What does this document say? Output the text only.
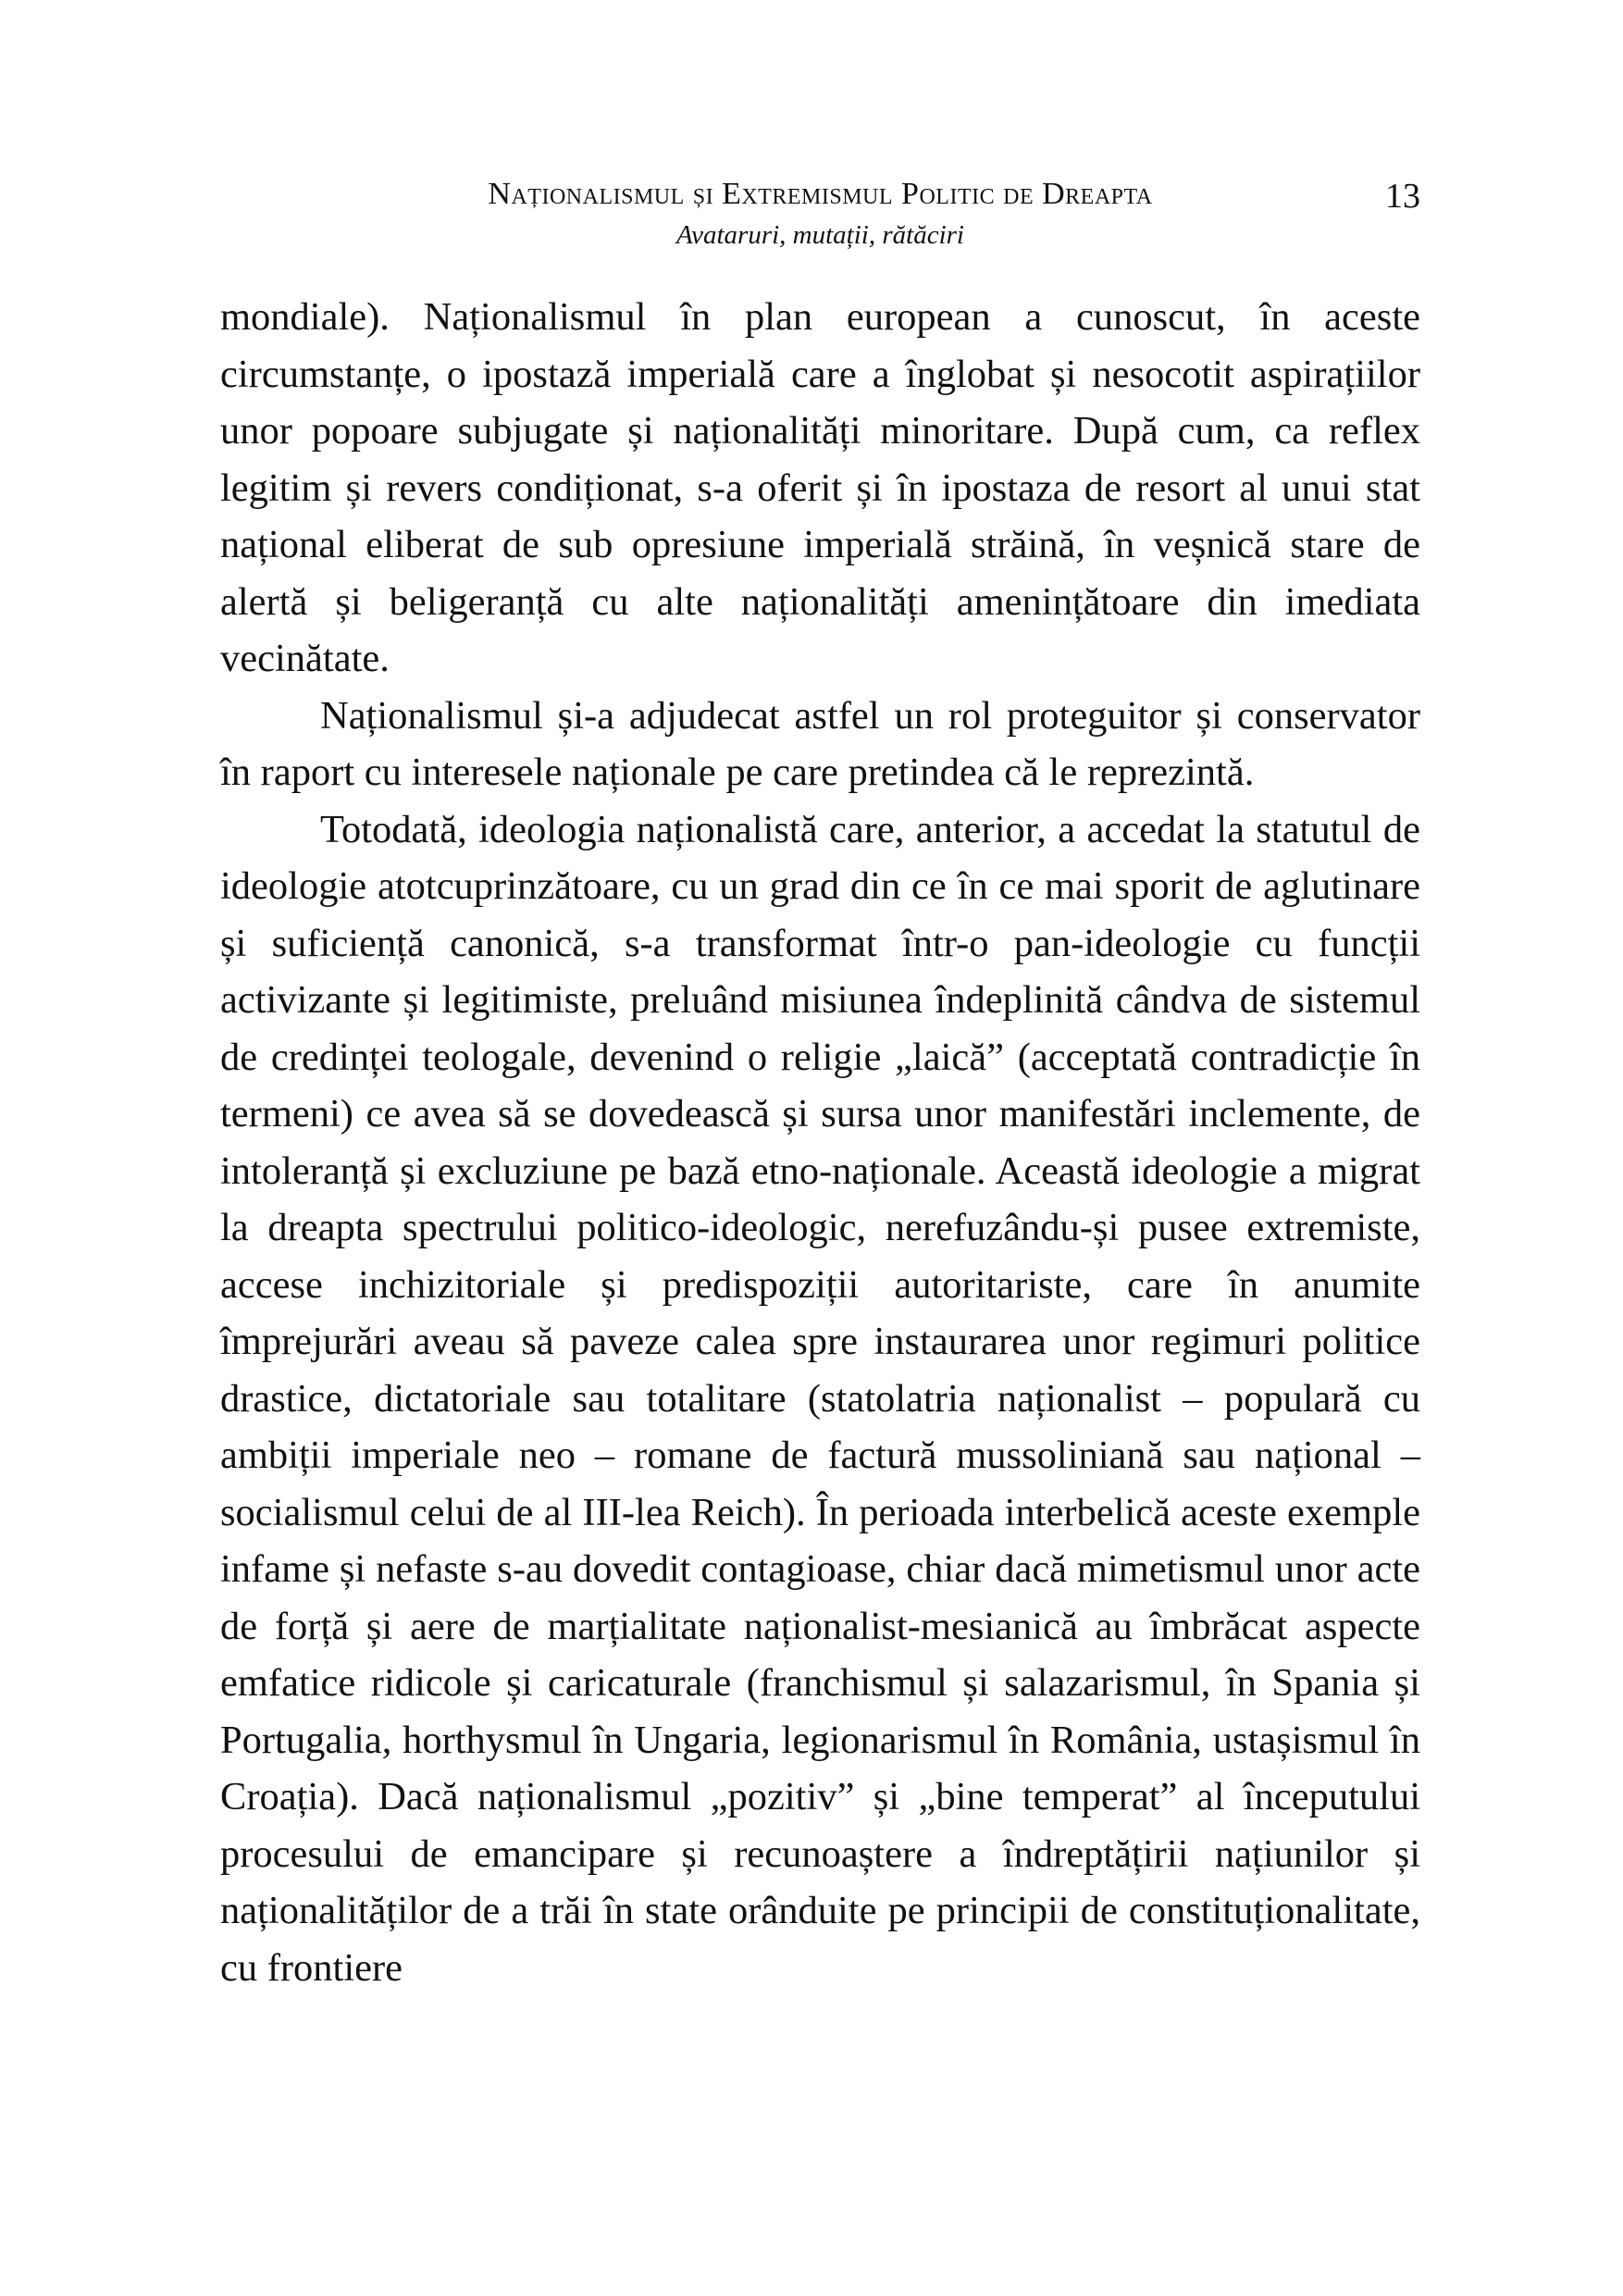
Naționalismul și Extremismul Politic de Dreapta
Avataruri, mutații, rătăciri
13

mondiale). Naționalismul în plan european a cunoscut, în aceste circumstanțe, o ipostază imperială care a înglobat și nesocotit aspirațiilor unor popoare subjugate și naționalități minoritare. După cum, ca reflex legitim și revers condiționat, s-a oferit și în ipostaza de resort al unui stat național eliberat de sub opresiune imperială străină, în veșnică stare de alertă și beligeranță cu alte naționalități amenințătoare din imediata vecinătate.

Naționalismul și-a adjudecat astfel un rol proteguitor și conservator în raport cu interesele naționale pe care pretindea că le reprezintă.

Totodată, ideologia naționalistă care, anterior, a accedat la statutul de ideologie atotcuprinzătoare, cu un grad din ce în ce mai sporit de aglutinare și suficiență canonică, s-a transformat într-o pan-ideologie cu funcții activizante și legitimiste, preluând misiunea îndeplinită cândva de sistemul de credinței teologale, devenind o religie „laică” (acceptată contradicție în termeni) ce avea să se dovedească și sursa unor manifestări inclemente, de intoleranță și excluziune pe bază etno-naționale. Această ideologie a migrat la dreapta spectrului politico-ideologic, nerefuzându-și pusee extremiste, accese inchizitoriale și predispoziții autoritariste, care în anumite împrejurări aveau să paveze calea spre instaurarea unor regimuri politice drastice, dictatoriale sau totalitare (statolatria naționalist – populară cu ambiții imperiale neo – romane de factură mussoliniană sau național – socialismul celui de al III-lea Reich). În perioada interbelică aceste exemple infame și nefaste s-au dovedit contagioase, chiar dacă mimetismul unor acte de forță și aere de marțialitate naționalist-mesianică au îmbrăcat aspecte emfatice ridicole și caricaturale (franchismul și salazarismul, în Spania și Portugalia, horthysmul în Ungaria, legionarismul în România, ustașismul în Croația). Dacă naționalismul „pozitiv” și „bine temperat” al începutului procesului de emancipare și recunoaștere a îndreptățirii națiunilor și naționalităților de a trăi în state orânduite pe principii de constituționalitate, cu frontiere
